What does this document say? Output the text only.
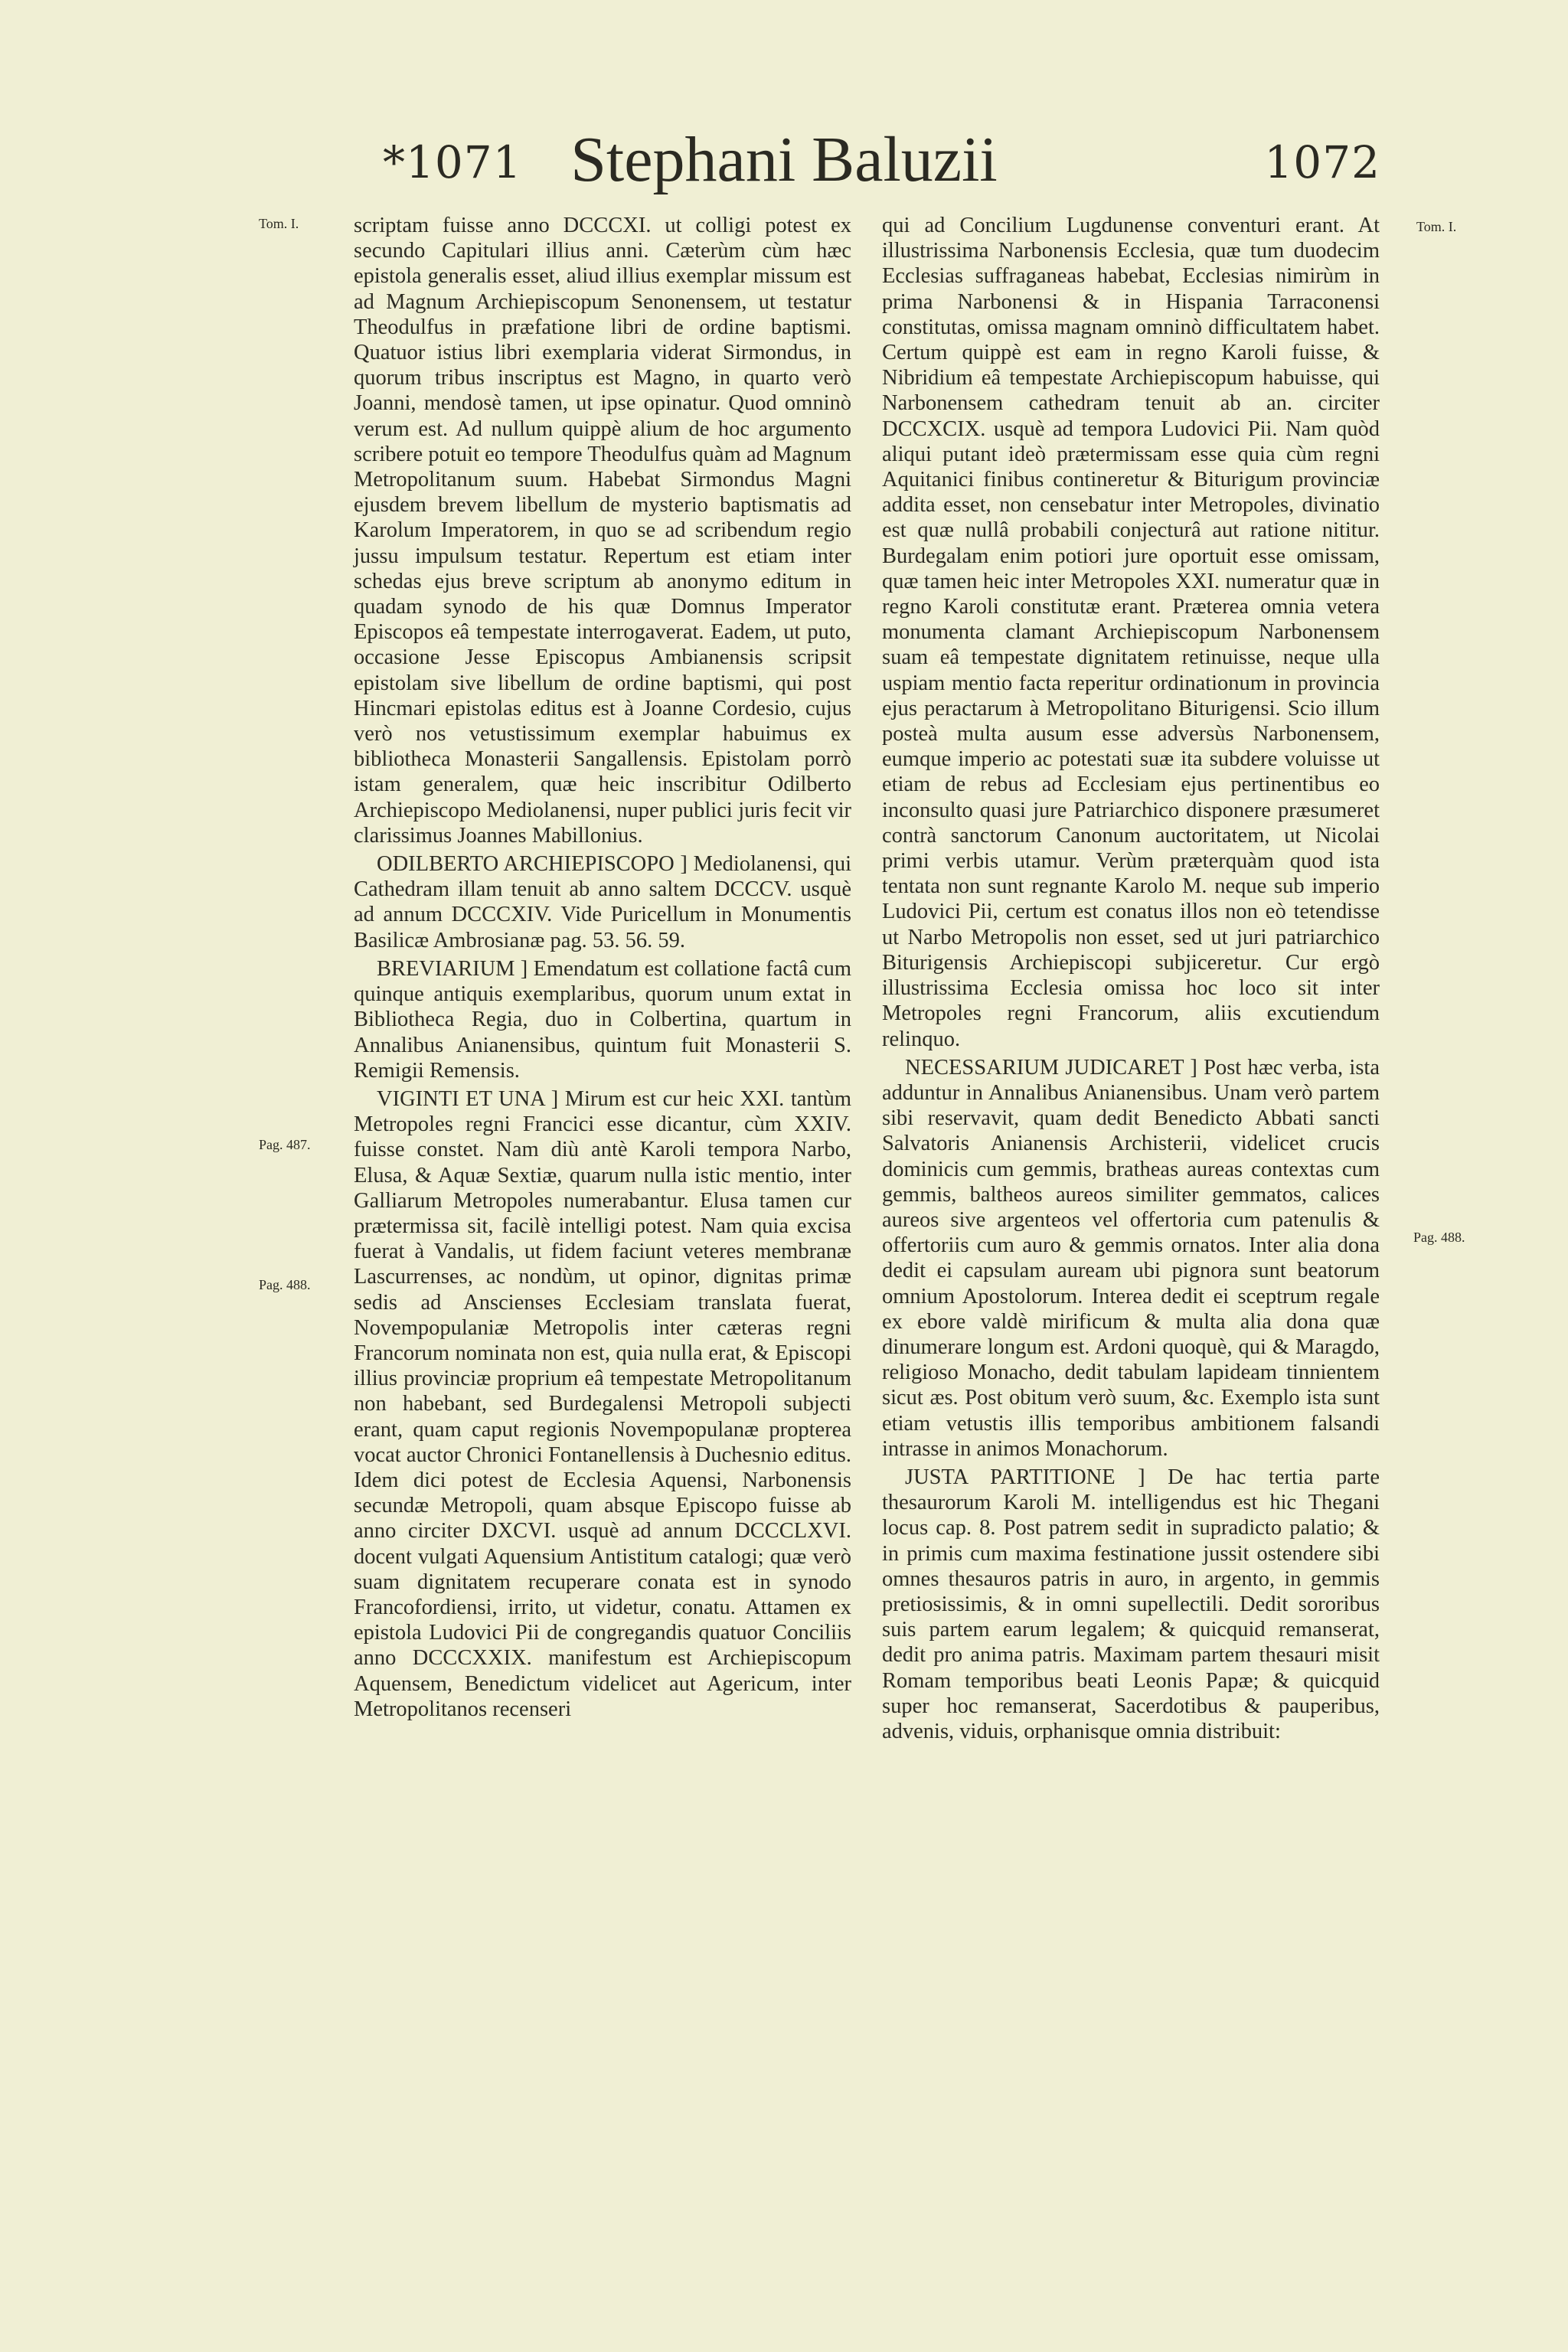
*1071 Stephani Baluzii	1072
Tom. I.	Tom. I.
Pag. 487.
Pag. 488.
Pag. 488.

scriptam fuisse anno DCCCXI. ut colligi potest ex secundo Capitulari illius anni. Cæterùm cùm hæc epistola generalis esset, aliud illius exemplar missum est ad Magnum Archiepiscopum Senonensem, ut testatur Theodulfus in præfatione libri de ordine baptismi. Quatuor istius libri exemplaria viderat Sirmondus, in quorum tribus inscriptus est Magno, in quarto verò Joanni, mendosè tamen, ut ipse opinatur. Quod omninò verum est. Ad nullum quippè alium de hoc argumento scribere potuit eo tempore Theodulfus quàm ad Magnum Metropolitanum suum. Habebat Sirmondus Magni ejusdem brevem libellum de mysterio baptismatis ad Karolum Imperatorem, in quo se ad scribendum regio jussu impulsum testatur. Repertum est etiam inter schedas ejus breve scriptum ab anonymo editum in quadam synodo de his quæ Domnus Imperator Episcopos eâ tempestate interrogaverat. Eadem, ut puto, occasione Jesse Episcopus Ambianensis scripsit epistolam sive libellum de ordine baptismi, qui post Hincmari epistolas editus est à Joanne Cordesio, cujus verò nos vetustissimum exemplar habuimus ex bibliotheca Monasterii Sangallensis. Epistolam porrò istam generalem, quæ heic inscribitur Odilberto Archiepiscopo Mediolanensi, nuper publici juris fecit vir clarissimus Joannes Mabillonius.

ODILBERTO ARCHIEPISCOPO ] Mediolanensi, qui Cathedram illam tenuit ab anno saltem DCCCV. usquè ad annum DCCCXIV. Vide Puricellum in Monumentis Basilicæ Ambrosianæ pag. 53. 56. 59.

BREVIARIUM ] Emendatum est collatione factâ cum quinque antiquis exemplaribus, quorum unum extat in Bibliotheca Regia, duo in Colbertina, quartum in Annalibus Anianensibus, quintum fuit Monasterii S. Remigii Remensis.

VIGINTI ET UNA ] Mirum est cur heic XXI. tantùm Metropoles regni Francici esse dicantur, cùm XXIV. fuisse constet. Nam diù antè Karoli tempora Narbo, Elusa, & Aquæ Sextiæ, quarum nulla istic mentio, inter Galliarum Metropoles numerabantur. Elusa tamen cur prætermissa sit, facilè intelligi potest. Nam quia excisa fuerat à Vandalis, ut fidem faciunt veteres membranæ Lascurrenses, ac nondùm, ut opinor, dignitas primæ sedis ad Anscienses Ecclesiam translata fuerat, Novempopulaniæ Metropolis inter cæteras regni Francorum nominata non est, quia nulla erat, & Episcopi illius provinciæ proprium eâ tempestate Metropolitanum non habebant, sed Burdegalensi Metropoli subjecti erant, quam caput regionis Novempopulanæ propterea vocat auctor Chronici Fontanellensis à Duchesnio editus. Idem dici potest de Ecclesia Aquensi, Narbonensis secundæ Metropoli, quam absque Episcopo fuisse ab anno circiter DXCVI. usquè ad annum DCCCLXVI. docent vulgati Aquensium Antistitum catalogi; quæ verò suam dignitatem recuperare conata est in synodo Francofordiensi, irrito, ut videtur, conatu. Attamen ex epistola Ludovici Pii de congregandis quatuor Conciliis anno DCCCXXIX. manifestum est Archiepiscopum Aquensem, Benedictum videlicet aut Agericum, inter Metropolitanos recenseri

qui ad Concilium Lugdunense conventuri erant. At illustrissima Narbonensis Ecclesia, quæ tum duodecim Ecclesias suffraganeas habebat, Ecclesias nimirùm in prima Narbonensi & in Hispania Tarraconensi constitutas, omissa magnam omninò difficultatem habet. Certum quippè est eam in regno Karoli fuisse, & Nibridium eâ tempestate Archiepiscopum habuisse, qui Narbonensem cathedram tenuit ab an. circiter DCCXCIX. usquè ad tempora Ludovici Pii. Nam quòd aliqui putant ideò prætermissam esse quia cùm regni Aquitanici finibus contineretur & Biturigum provinciæ addita esset, non censebatur inter Metropoles, divinatio est quæ nullâ probabili conjecturâ aut ratione nititur. Burdegalam enim potiori jure oportuit esse omissam, quæ tamen heic inter Metropoles XXI. numeratur quæ in regno Karoli constitutæ erant. Præterea omnia vetera monumenta clamant Archiepiscopum Narbonensem suam eâ tempestate dignitatem retinuisse, neque ulla uspiam mentio facta reperitur ordinationum in provincia ejus peractarum à Metropolitano Biturigensi. Scio illum posteà multa ausum esse adversùs Narbonensem, eumque imperio ac potestati suæ ita subdere voluisse ut etiam de rebus ad Ecclesiam ejus pertinentibus eo inconsulto quasi jure Patriarchico disponere præsumeret contrà sanctorum Canonum auctoritatem, ut Nicolai primi verbis utamur. Verùm præterquàm quod ista tentata non sunt regnante Karolo M. neque sub imperio Ludovici Pii, certum est conatus illos non eò tetendisse ut Narbo Metropolis non esset, sed ut juri patriarchico Biturigensis Archiepiscopi subjiceretur. Cur ergò illustrissima Ecclesia omissa hoc loco sit inter Metropoles regni Francorum, aliis excutiendum relinquo.

NECESSARIUM JUDICARET ] Post hæc verba, ista adduntur in Annalibus Anianensibus. Unam verò partem sibi reservavit, quam dedit Benedicto Abbati sancti Salvatoris Anianensis Archisterii, videlicet crucis dominicis cum gemmis, bratheas aureas contextas cum gemmis, baltheos aureos similiter gemmatos, calices aureos sive argenteos vel offertoria cum patenulis & offertoriis cum auro & gemmis ornatos. Inter alia dona dedit ei capsulam auream ubi pignora sunt beatorum omnium Apostolorum. Interea dedit ei sceptrum regale ex ebore valdè mirificum & multa alia dona quæ dinumerare longum est. Ardoni quoquè, qui & Maragdo, religioso Monacho, dedit tabulam lapideam tinnientem sicut æs. Post obitum verò suum, &c. Exemplo ista sunt etiam vetustis illis temporibus ambitionem falsandi intrasse in animos Monachorum.

JUSTA PARTITIONE ] De hac tertia parte thesaurorum Karoli M. intelligendus est hic Thegani locus cap. 8. Post patrem sedit in supradicto palatio; & in primis cum maxima festinatione jussit ostendere sibi omnes thesauros patris in auro, in argento, in gemmis pretiosissimis, & in omni supellectili. Dedit sororibus suis partem earum legalem; & quicquid remanserat, dedit pro anima patris. Maximam partem thesauri misit Romam temporibus beati Leonis Papæ; & quicquid super hoc remanserat, Sacerdotibus & pauperibus, advenis, viduis, orphanisque omnia distribuit:
